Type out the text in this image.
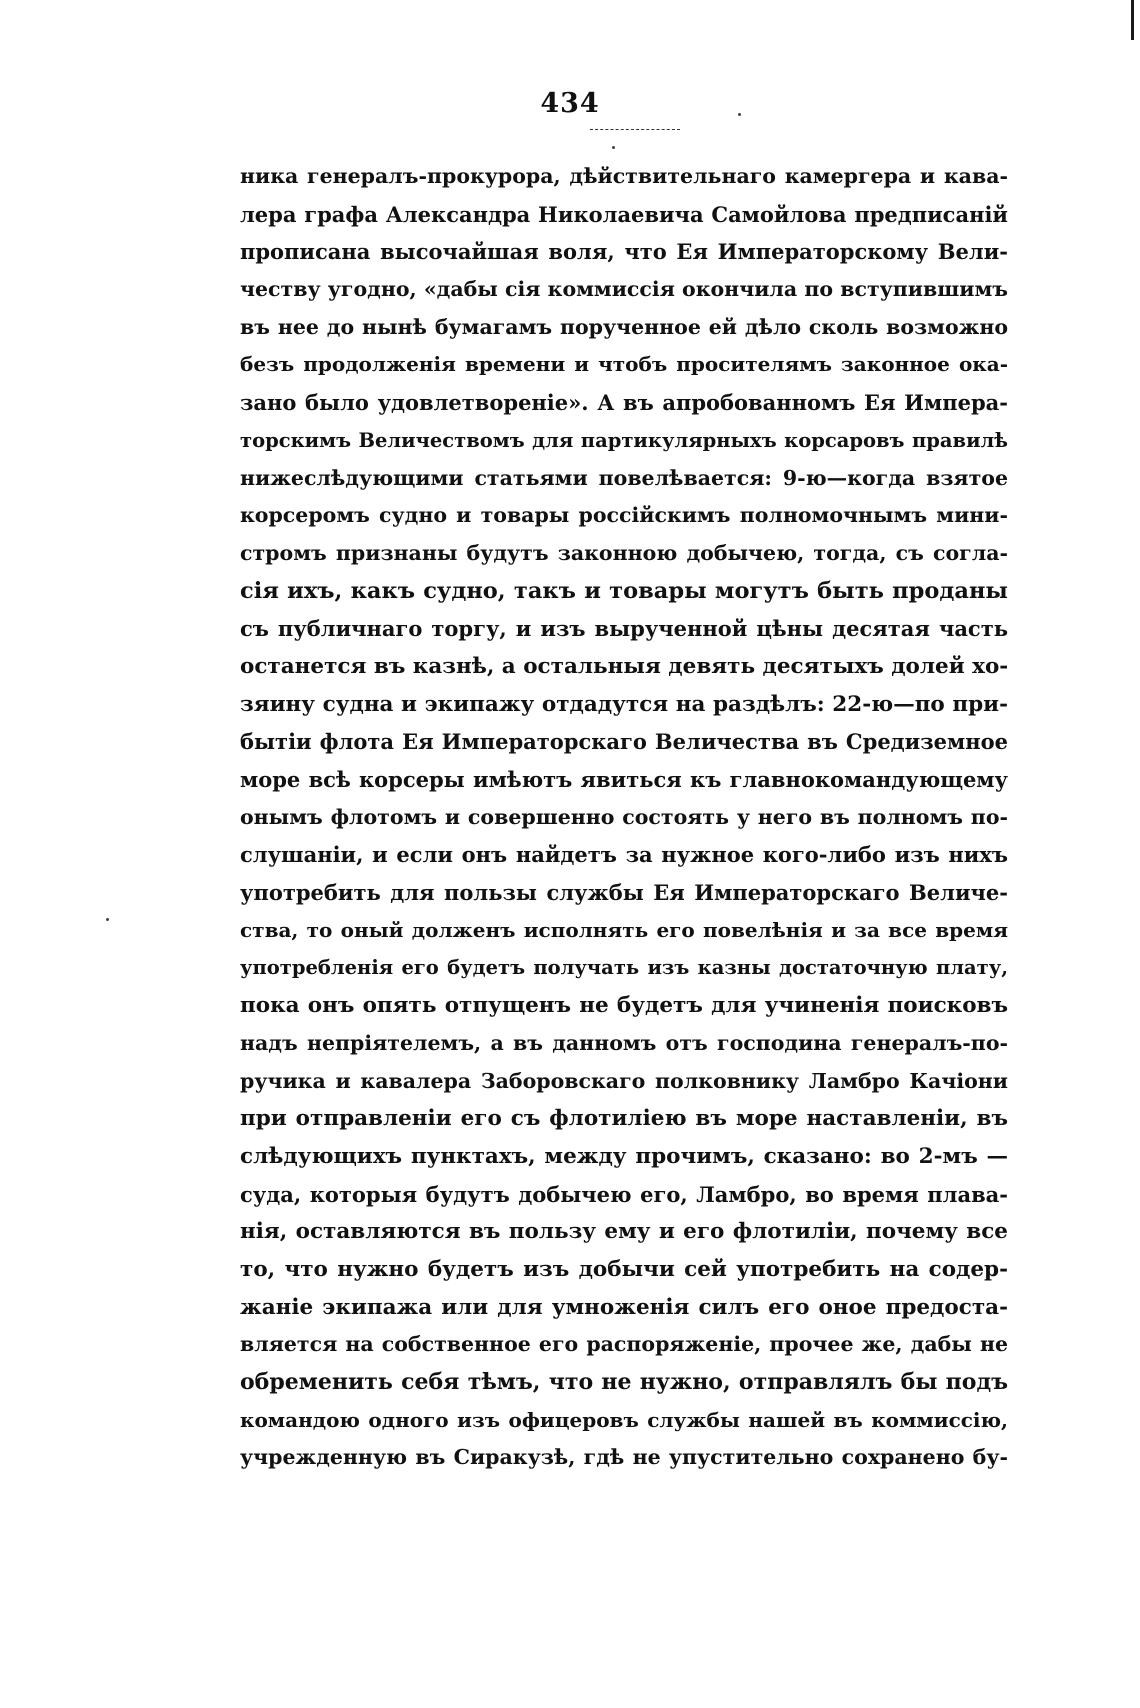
434
ника генералъ-прокурора, дѣйствительнаго камергера и кава-
лера графа Александра Николаевича Самойлова предписаній
прописана высочайшая воля, что Ея Императорскому Вели-
честву угодно, «дабы сія коммиссія окончила по вступившимъ
въ нее до нынѣ бумагамъ порученное ей дѣло сколь возможно
безъ продолженія времени и чтобъ просителямъ законное ока-
зано было удовлетвореніе». А въ апробованномъ Ея Импера-
торскимъ Величествомъ для партикулярныхъ корсаровъ правилѣ
нижеслѣдующими статьями повелѣвается: 9-ю—когда взятое
корсеромъ судно и товары россійскимъ полномочнымъ мини-
стромъ признаны будутъ законною добычею, тогда, съ согла-
сія ихъ, какъ судно, такъ и товары могутъ быть проданы
съ публичнаго торгу, и изъ вырученной цѣны десятая часть
останется въ казнѣ, а остальныя девять десятыхъ долей хо-
зяину судна и экипажу отдадутся на раздѣлъ: 22-ю—по при-
бытіи флота Ея Императорскаго Величества въ Средиземное
море всѣ корсеры имѣютъ явиться къ главнокомандующему
онымъ флотомъ и совершенно состоять у него въ полномъ по-
слушаніи, и если онъ найдетъ за нужное кого-либо изъ нихъ
употребить для пользы службы Ея Императорскаго Величе-
ства, то оный долженъ исполнять его повелѣнія и за все время
употребленія его будетъ получать изъ казны достаточную плату,
пока онъ опять отпущенъ не будетъ для учиненія поисковъ
надъ непріятелемъ, а въ данномъ отъ господина генералъ-по-
ручика и кавалера Заборовскаго полковнику Ламбро Качіони
при отправленіи его съ флотиліею въ море наставленіи, въ
слѣдующихъ пунктахъ, между прочимъ, сказано: во 2-мъ —
суда, которыя будутъ добычею его, Ламбро, во время плава-
нія, оставляются въ пользу ему и его флотиліи, почему все
то, что нужно будетъ изъ добычи сей употребить на содер-
жаніе экипажа или для умноженія силъ его оное предоста-
вляется на собственное его распоряженіе, прочее же, дабы не
обременить себя тѣмъ, что не нужно, отправлялъ бы подъ
командою одного изъ офицеровъ службы нашей въ коммиссію,
учрежденную въ Сиракузѣ, гдѣ не упустительно сохранено бу-
